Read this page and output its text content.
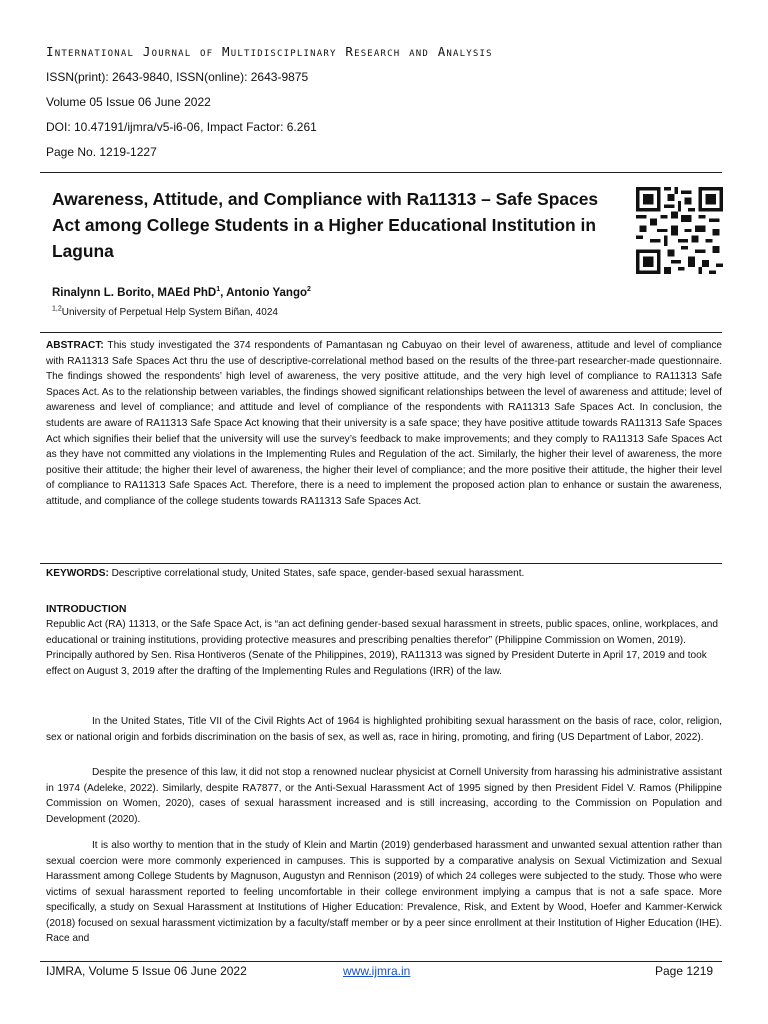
International Journal of Multidisciplinary Research and Analysis
ISSN(print): 2643-9840, ISSN(online): 2643-9875
Volume 05 Issue 06 June 2022
DOI: 10.47191/ijmra/v5-i6-06, Impact Factor: 6.261
Page No. 1219-1227
Awareness, Attitude, and Compliance with Ra11313 – Safe Spaces Act among College Students in a Higher Educational Institution in Laguna
Rinalynn L. Borito, MAEd PhD$^1$, Antonio Yango$^2$
$^{1,2}$University of Perpetual Help System Biñan, 4024
ABSTRACT: This study investigated the 374 respondents of Pamantasan ng Cabuyao on their level of awareness, attitude and level of compliance with RA11313 Safe Spaces Act thru the use of descriptive-correlational method based on the results of the three-part researcher-made questionnaire. The findings showed the respondents’ high level of awareness, the very positive attitude, and the very high level of compliance to RA11313 Safe Spaces Act. As to the relationship between variables, the findings showed significant relationships between the level of awareness and attitude; level of awareness and level of compliance; and attitude and level of compliance of the respondents with RA11313 Safe Spaces Act. In conclusion, the students are aware of RA11313 Safe Space Act knowing that their university is a safe space; they have positive attitude towards RA11313 Safe Spaces Act which signifies their belief that the university will use the survey’s feedback to make improvements; and they comply to RA11313 Safe Spaces Act as they have not committed any violations in the Implementing Rules and Regulation of the act. Similarly, the higher their level of awareness, the more positive their attitude; the higher their level of awareness, the higher their level of compliance; and the more positive their attitude, the higher their level of compliance to RA11313 Safe Spaces Act. Therefore, there is a need to implement the proposed action plan to enhance or sustain the awareness, attitude, and compliance of the college students towards RA11313 Safe Spaces Act.
KEYWORDS: Descriptive correlational study, United States, safe space, gender-based sexual harassment.
INTRODUCTION
Republic Act (RA) 11313, or the Safe Space Act, is “an act defining gender-based sexual harassment in streets, public spaces, online, workplaces, and educational or training institutions, providing protective measures and prescribing penalties therefor” (Philippine Commission on Women, 2019). Principally authored by Sen. Risa Hontiveros (Senate of the Philippines, 2019), RA11313 was signed by President Duterte in April 17, 2019 and took effect on August 3, 2019 after the drafting of the Implementing Rules and Regulations (IRR) of the law.
In the United States, Title VII of the Civil Rights Act of 1964 is highlighted prohibiting sexual harassment on the basis of race, color, religion, sex or national origin and forbids discrimination on the basis of sex, as well as, race in hiring, promoting, and firing (US Department of Labor, 2022).
Despite the presence of this law, it did not stop a renowned nuclear physicist at Cornell University from harassing his administrative assistant in 1974 (Adeleke, 2022). Similarly, despite RA7877, or the Anti-Sexual Harassment Act of 1995 signed by then President Fidel V. Ramos (Philippine Commission on Women, 2020), cases of sexual harassment increased and is still increasing, according to the Commission on Population and Development (2020).
It is also worthy to mention that in the study of Klein and Martin (2019) genderbased harassment and unwanted sexual attention rather than sexual coercion were more commonly experienced in campuses. This is supported by a comparative analysis on Sexual Victimization and Sexual Harassment among College Students by Magnuson, Augustyn and Rennison (2019) of which 24 colleges were subjected to the study. Those who were victims of sexual harassment reported to feeling uncomfortable in their college environment implying a campus that is not a safe space. More specifically, a study on Sexual Harassment at Institutions of Higher Education: Prevalence, Risk, and Extent by Wood, Hoefer and Kammer-Kerwick (2018) focused on sexual harassment victimization by a faculty/staff member or by a peer since enrollment at their Institution of Higher Education (IHE). Race and
IJMRA, Volume 5 Issue 06 June 2022	www.ijmra.in	Page 1219
